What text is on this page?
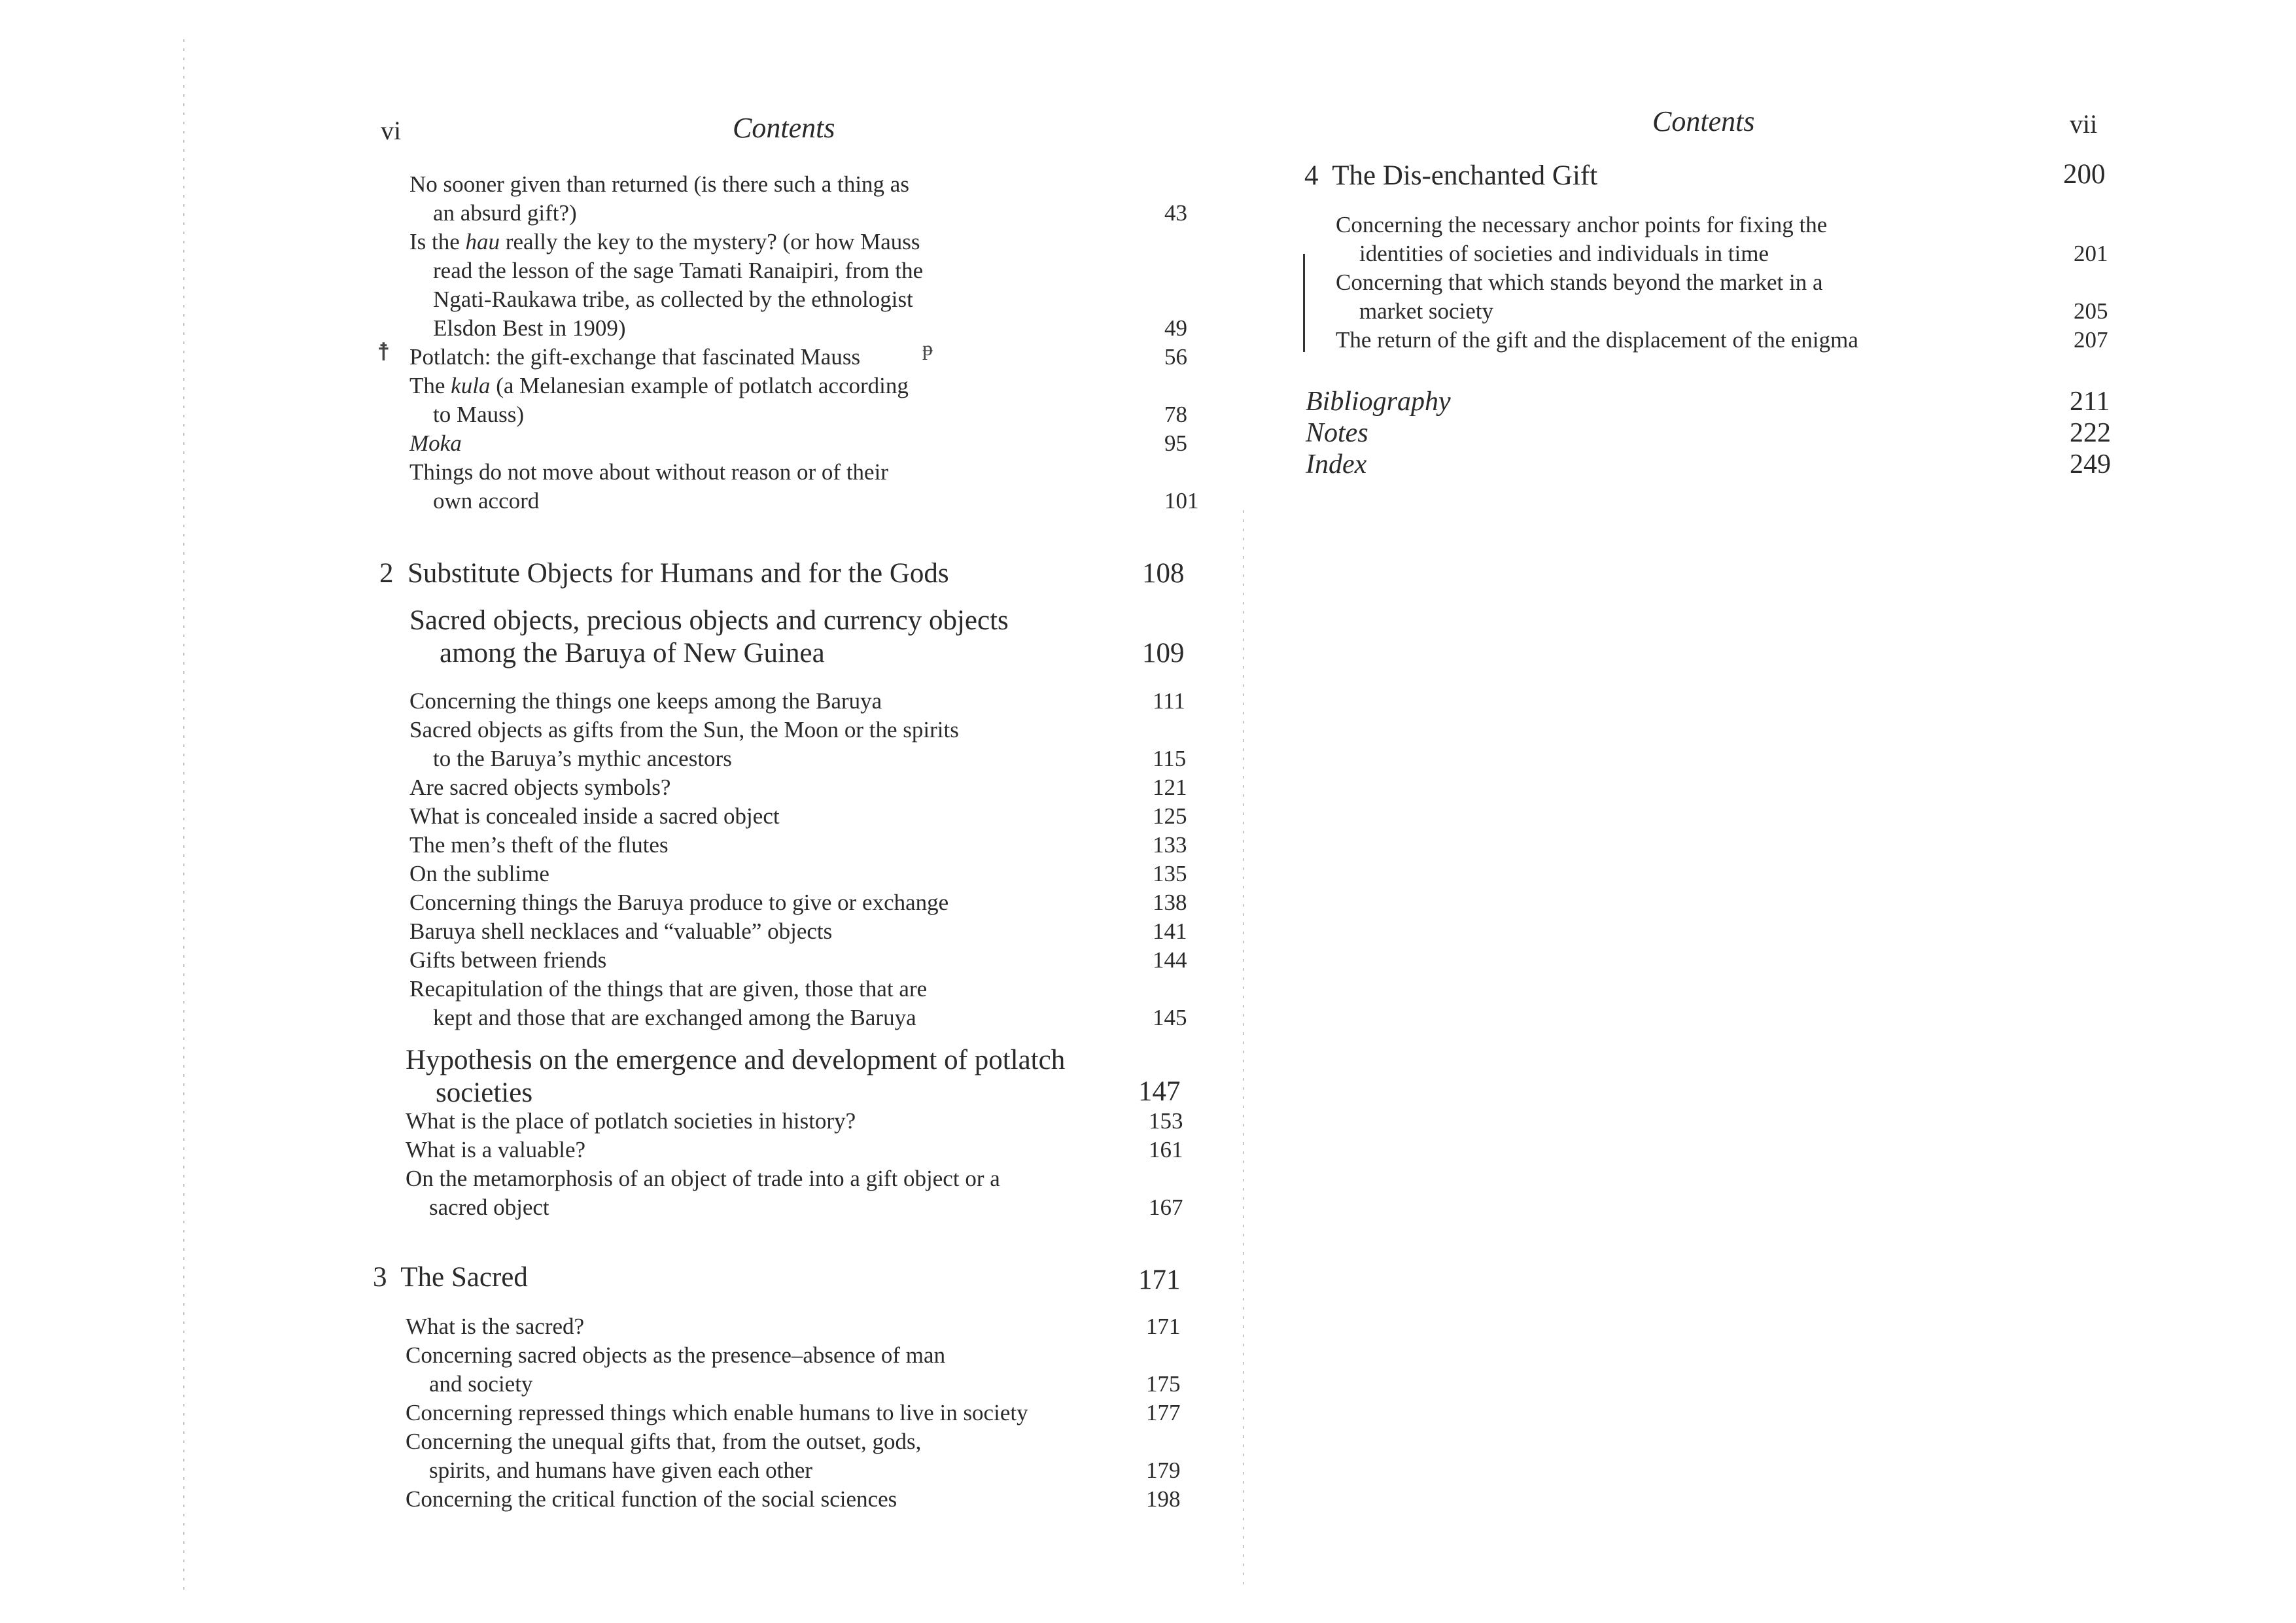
vi	Contents
No sooner given than returned (is there such a thing as
an absurd gift?)	43
Is the hau really the key to the mystery? (or how Mauss
read the lesson of the sage Tamati Ranaipiri, from the
Ngati-Raukawa tribe, as collected by the ethnologist
Elsdon Best in 1909)	49
Potlatch: the gift-exchange that fascinated Mauss	56
The kula (a Melanesian example of potlatch according
to Mauss)	78
Moka	95
Things do not move about without reason or of their
own accord	101
2  Substitute Objects for Humans and for the Gods	108
Sacred objects, precious objects and currency objects
among the Baruya of New Guinea	109
Concerning the things one keeps among the Baruya	111
Sacred objects as gifts from the Sun, the Moon or the spirits
to the Baruya’s mythic ancestors	115
Are sacred objects symbols?	121
What is concealed inside a sacred object	125
The men’s theft of the flutes	133
On the sublime	135
Concerning things the Baruya produce to give or exchange	138
Baruya shell necklaces and “valuable” objects	141
Gifts between friends	144
Recapitulation of the things that are given, those that are
kept and those that are exchanged among the Baruya	145
Hypothesis on the emergence and development of potlatch
societies	147
What is the place of potlatch societies in history?	153
What is a valuable?	161
On the metamorphosis of an object of trade into a gift object or a
sacred object	167
3  The Sacred	171
What is the sacred?	171
Concerning sacred objects as the presence–absence of man
and society	175
Concerning repressed things which enable humans to live in society	177
Concerning the unequal gifts that, from the outset, gods,
spirits, and humans have given each other	179
Concerning the critical function of the social sciences	198
☨	ᵽ
Contents	vii
4  The Dis-enchanted Gift	200
Concerning the necessary anchor points for fixing the
identities of societies and individuals in time	201
Concerning that which stands beyond the market in a
market society	205
The return of the gift and the displacement of the enigma	207
Bibliography	211
Notes	222
Index	249
